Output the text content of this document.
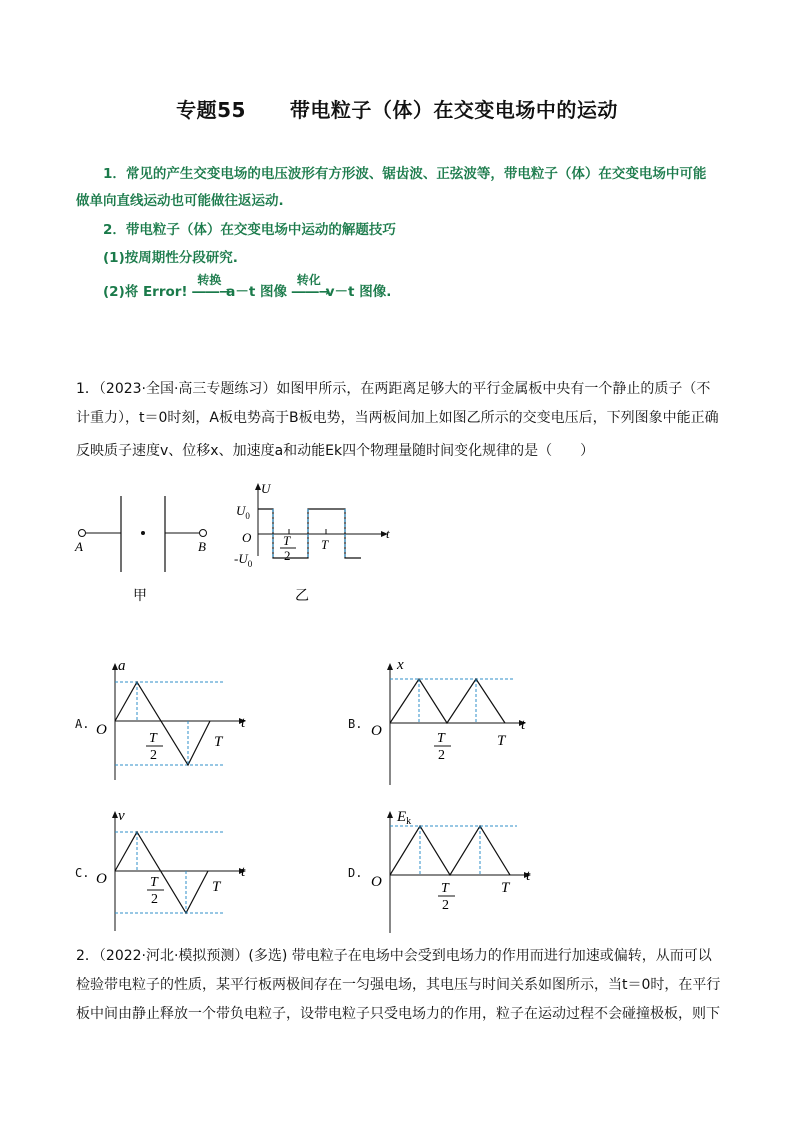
专题55 带电粒子（体）在交变电场中的运动
1．常见的产生交变电场的电压波形有方形波、锯齿波、正弦波等，带电粒子（体）在交变电场中可能
做单向直线运动也可能做往返运动.
2．带电粒子（体）在交变电场中运动的解题技巧
(1)按周期性分段研究.
(2)将 Error!
转换
――→a－t 图像
转化
――→v－t 图像.
1．（2023·全国·高三专题练习）如图甲所示，在两距离足够大的平行金属板中央有一个静止的质子（不
计重力），t＝0时刻，A板电势高于B板电势，当两板间加上如图乙所示的交变电压后，下列图象中能正确
反映质子速度v、位移x、加速度a和动能Ek四个物理量随时间变化规律的是（　　）
A	B
甲
U
t
$U_0$
$-U_0$
O T
2
T
乙
A.
a
t
O
T
2
T
B.
x
t
O	T
2
T
C.
v
t
O	T
2
T
D.
$E_k$
t
O	T
2
T
2．（2022·河北·模拟预测）(多选) 带电粒子在电场中会受到电场力的作用而进行加速或偏转，从而可以
检验带电粒子的性质，某平行板两极间存在一匀强电场，其电压与时间关系如图所示，当t＝0时，在平行
板中间由静止释放一个带负电粒子，设带电粒子只受电场力的作用，粒子在运动过程不会碰撞极板，则下
